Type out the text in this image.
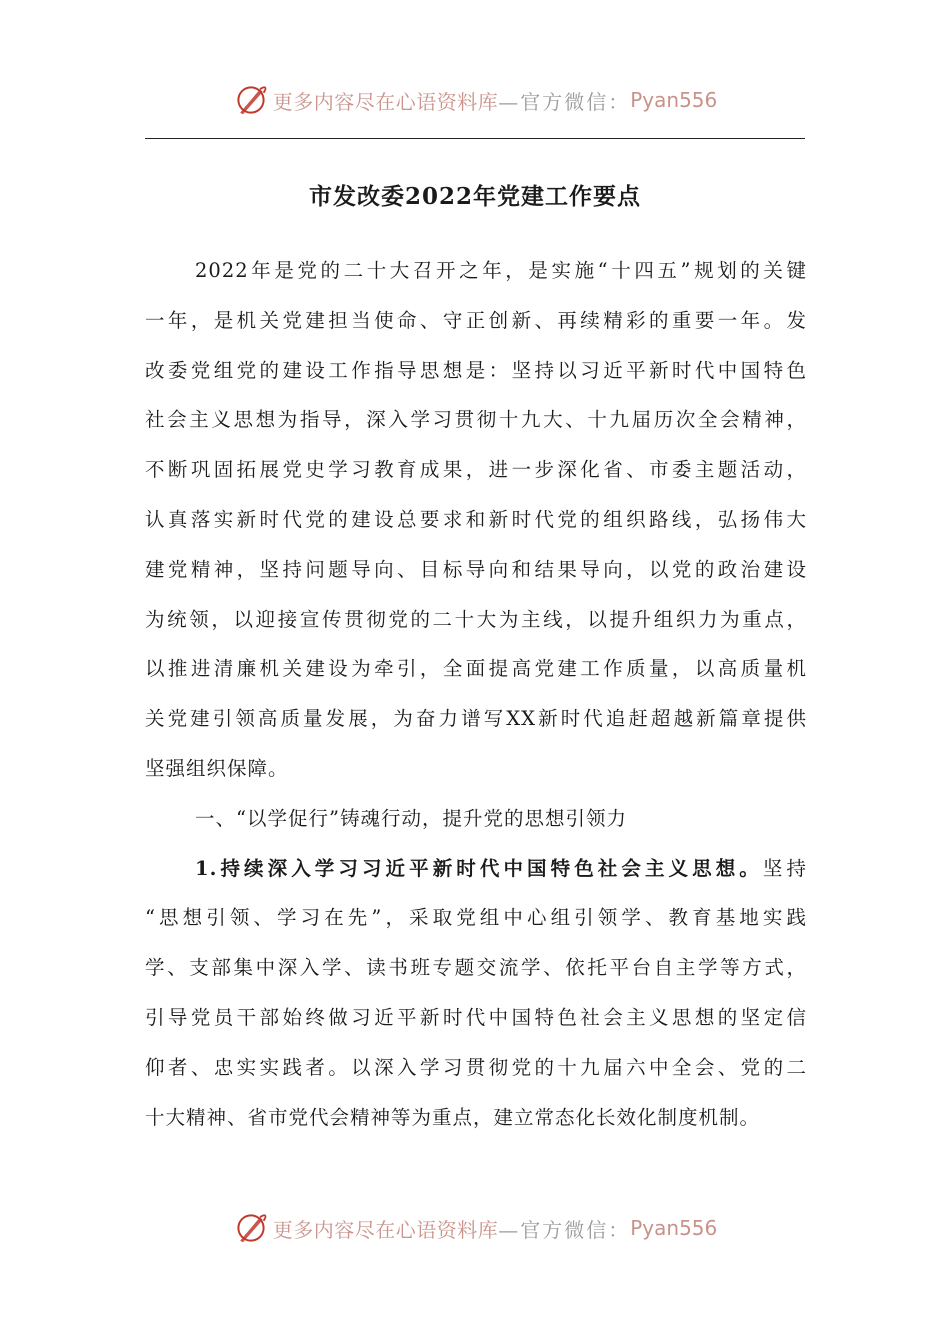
更多内容尽在心语资料库 —官方微信： Pyan556
市发改委2022年党建工作要点
2022年是党的二十大召开之年，是实施“十四五”规划的关键
一年，是机关党建担当使命、守正创新、再续精彩的重要一年。发
改委党组党的建设工作指导思想是：坚持以习近平新时代中国特色
社会主义思想为指导，深入学习贯彻十九大、十九届历次全会精神，
不断巩固拓展党史学习教育成果，进一步深化省、市委主题活动，
认真落实新时代党的建设总要求和新时代党的组织路线，弘扬伟大
建党精神，坚持问题导向、目标导向和结果导向，以党的政治建设
为统领，以迎接宣传贯彻党的二十大为主线，以提升组织力为重点，
以推进清廉机关建设为牵引，全面提高党建工作质量，以高质量机
关党建引领高质量发展，为奋力谱写XX新时代追赶超越新篇章提供
坚强组织保障。
一、“以学促行”铸魂行动，提升党的思想引领力
1.持续深入学习习近平新时代中国特色社会主义思想。坚持
“思想引领、学习在先”，采取党组中心组引领学、教育基地实践
学、支部集中深入学、读书班专题交流学、依托平台自主学等方式，
引导党员干部始终做习近平新时代中国特色社会主义思想的坚定信
仰者、忠实实践者。以深入学习贯彻党的十九届六中全会、党的二
十大精神、省市党代会精神等为重点，建立常态化长效化制度机制。
更多内容尽在心语资料库 —官方微信： Pyan556
